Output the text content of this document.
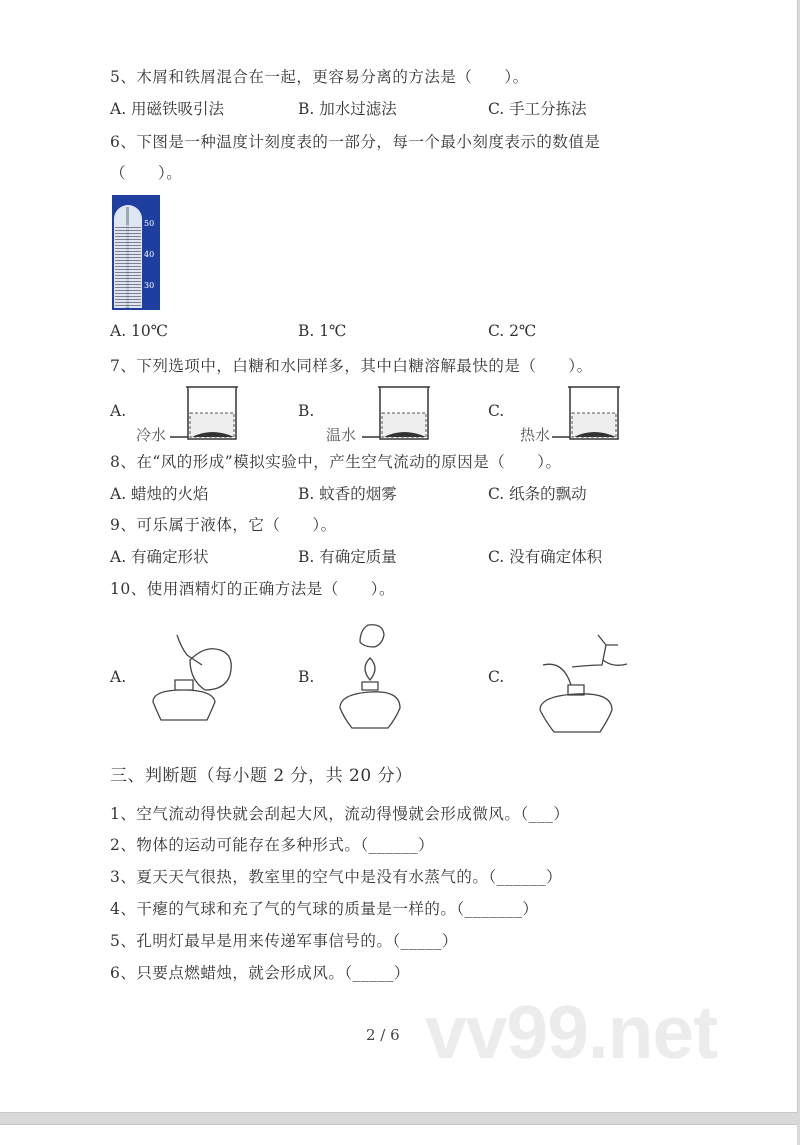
vv99.net
5、木屑和铁屑混合在一起，更容易分离的方法是（　　）。
A. 用磁铁吸引法	B. 加水过滤法	C. 手工分拣法
6、下图是一种温度计刻度表的一部分，每一个最小刻度表示的数值是
（　　）。
50
40
30
A. 10℃	B. 1℃	C. 2℃
7、下列选项中，白糖和水同样多，其中白糖溶解最快的是（　　）。
A.	B.	C.
冷水	温水	热水
8、在“风的形成”模拟实验中，产生空气流动的原因是（　　）。
A. 蜡烛的火焰	B. 蚊香的烟雾	C. 纸条的飘动
9、可乐属于液体，它（　　）。
A. 有确定形状	B. 有确定质量	C. 没有确定体积
10、使用酒精灯的正确方法是（　　）。
A.	B.	C.
三、判断题（每小题 2 分，共 20 分）
1、空气流动得快就会刮起大风，流动得慢就会形成微风。（___）
2、物体的运动可能存在多种形式。（______）
3、夏天天气很热，教室里的空气中是没有水蒸气的。（______）
4、干瘪的气球和充了气的气球的质量是一样的。（_______）
5、孔明灯最早是用来传递军事信号的。（_____）
6、只要点燃蜡烛，就会形成风。（_____）
2 / 6
